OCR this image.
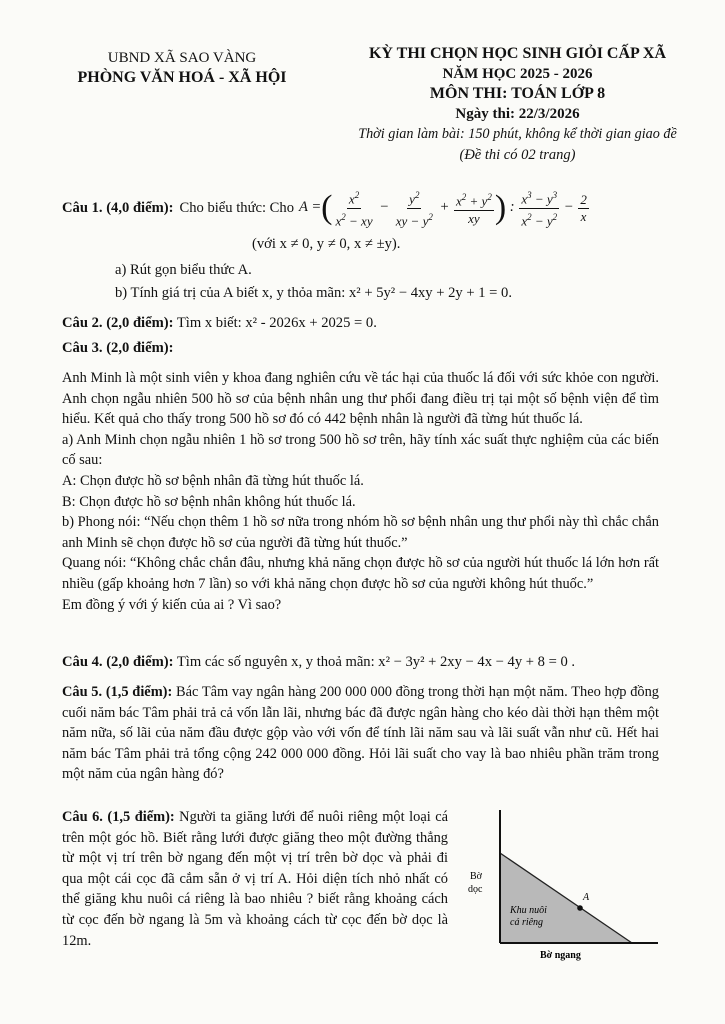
UBND XÃ SAO VÀNG
PHÒNG VĂN HOÁ - XÃ HỘI
KỲ THI CHỌN HỌC SINH GIỎI CẤP XÃ
NĂM HỌC 2025 - 2026
MÔN THI: TOÁN LỚP 8
Ngày thi: 22/3/2026
Thời gian làm bài: 150 phút, không kể thời gian giao đề
(Đề thi có 02 trang)
Câu 1. (4,0 điểm): Cho biểu thức: Cho A =( $\frac{x^2}{x^2 - xy} - \frac{y^2}{xy - y^2} + \frac{x^2 + y^2}{xy}$ ) : $\frac{x^3 - y^3}{x^2 - y^2} - \frac{2}{x}$
(với x ≠ 0, y ≠ 0, x ≠ ±y).
a) Rút gọn biểu thức A.
b) Tính giá trị của A biết x, y thỏa mãn: x² + 5y² − 4xy + 2y + 1 = 0.
Câu 2. (2,0 điểm): Tìm x biết: x² - 2026x + 2025 = 0.
Câu 3. (2,0 điểm):

Anh Minh là một sinh viên y khoa đang nghiên cứu về tác hại của thuốc lá đối với sức khỏe con người. Anh chọn ngẫu nhiên 500 hồ sơ của bệnh nhân ung thư phổi đang điều trị tại một số bệnh viện để tìm hiểu. Kết quả cho thấy trong 500 hồ sơ đó có 442 bệnh nhân là người đã từng hút thuốc lá.

a) Anh Minh chọn ngẫu nhiên 1 hồ sơ trong 500 hồ sơ trên, hãy tính xác suất thực nghiệm của các biến cố sau:

A: Chọn được hồ sơ bệnh nhân đã từng hút thuốc lá.

B: Chọn được hồ sơ bệnh nhân không hút thuốc lá.

b) Phong nói: “Nếu chọn thêm 1 hồ sơ nữa trong nhóm hồ sơ bệnh nhân ung thư phổi này thì chắc chắn anh Minh sẽ chọn được hồ sơ của người đã từng hút thuốc.”

Quang nói: “Không chắc chắn đâu, nhưng khả năng chọn được hồ sơ của người hút thuốc lá lớn hơn rất nhiều (gấp khoảng hơn 7 lần) so với khả năng chọn được hồ sơ của người không hút thuốc.”

Em đồng ý với ý kiến của ai ? Vì sao?

Câu 4. (2,0 điểm): Tìm các số nguyên x, y thoả mãn: x² − 3y² + 2xy − 4x − 4y + 8 = 0 .
Câu 5. (1,5 điểm): Bác Tâm vay ngân hàng 200 000 000 đồng trong thời hạn một năm. Theo hợp đồng cuối năm bác Tâm phải trả cả vốn lẫn lãi, nhưng bác đã được ngân hàng cho kéo dài thời hạn thêm một năm nữa, số lãi của năm đầu được gộp vào với vốn để tính lãi năm sau và lãi suất vẫn như cũ. Hết hai năm bác Tâm phải trả tổng cộng 242 000 000 đồng. Hỏi lãi suất cho vay là bao nhiêu phần trăm trong một năm của ngân hàng đó?
Câu 6. (1,5 điểm): Người ta giăng lưới để nuôi riêng một loại cá trên một góc hồ. Biết rằng lưới được giăng theo một đường thẳng từ một vị trí trên bờ ngang đến một vị trí trên bờ dọc và phải đi qua một cái cọc đã cắm sẵn ở vị trí A. Hỏi diện tích nhỏ nhất có thể giăng khu nuôi cá riêng là bao nhiêu ? biết rằng khoảng cách từ cọc đến bờ ngang là 5m và khoảng cách từ cọc đến bờ dọc là 12m.
A
Bờ
dọc
Khu nuôi
cá riêng
Bờ ngang
